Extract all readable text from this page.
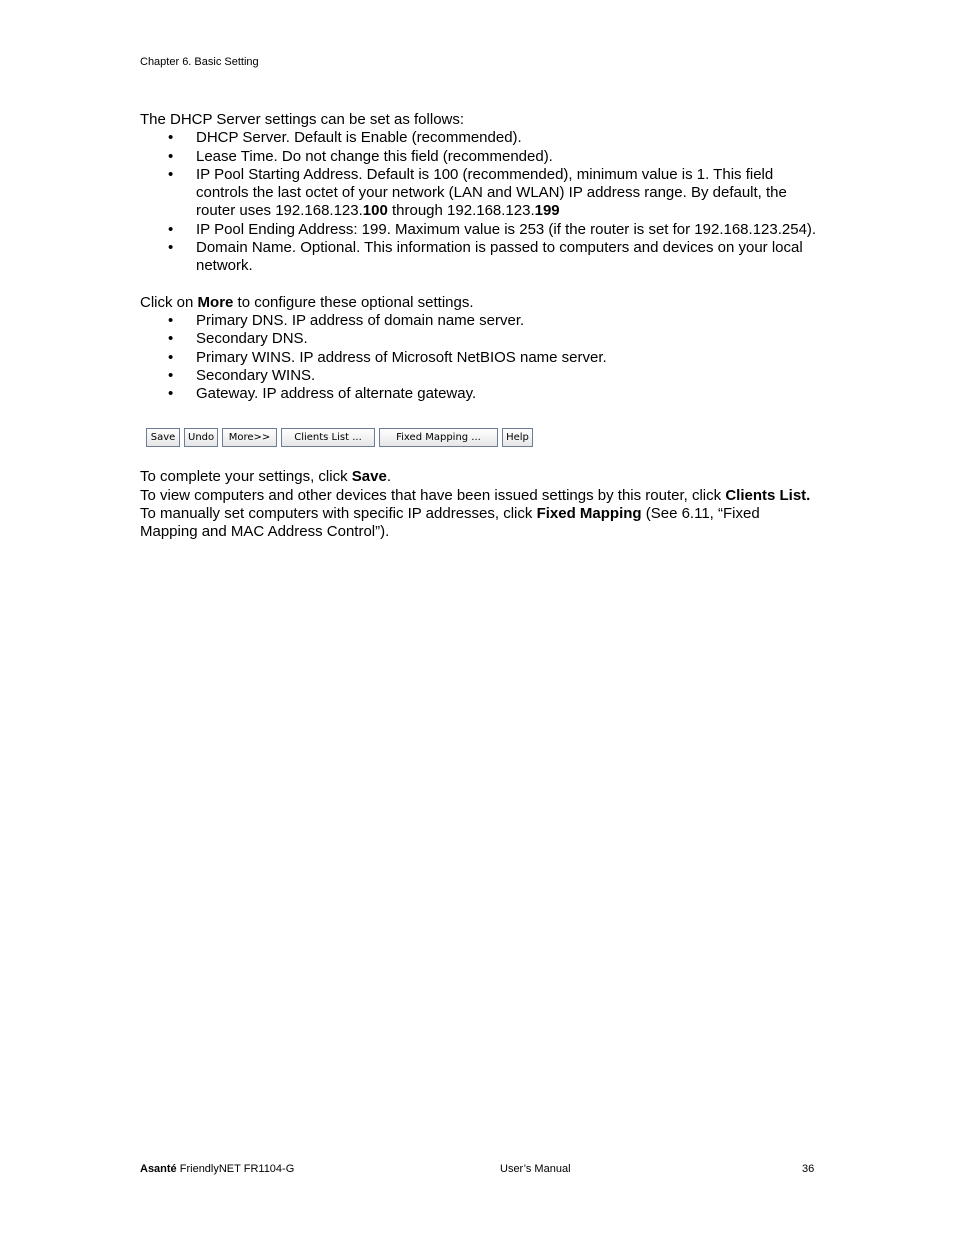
Chapter 6. Basic Setting

The DHCP Server settings can be set as follows:

• DHCP Server. Default is Enable (recommended).
• Lease Time. Do not change this field (recommended).
• IP Pool Starting Address. Default is 100 (recommended), minimum value is 1. This field controls the last octet of your network (LAN and WLAN) IP address range. By default, the router uses 192.168.123.100 through 192.168.123.199
• IP Pool Ending Address: 199. Maximum value is 253 (if the router is set for 192.168.123.254).
• Domain Name. Optional. This information is passed to computers and devices on your local network.

Click on More to configure these optional settings.

• Primary DNS. IP address of domain name server.
• Secondary DNS.
• Primary WINS. IP address of Microsoft NetBIOS name server.
• Secondary WINS.
• Gateway. IP address of alternate gateway.
Save	Undo	More>>	Clients List ...	Fixed Mapping ...	Help

To complete your settings, click Save.

To view computers and other devices that have been issued settings by this router, click Clients List.

To manually set computers with specific IP addresses, click Fixed Mapping (See 6.11, “Fixed Mapping and MAC Address Control”).

Asanté FriendlyNET FR1104-G	User’s Manual	36
